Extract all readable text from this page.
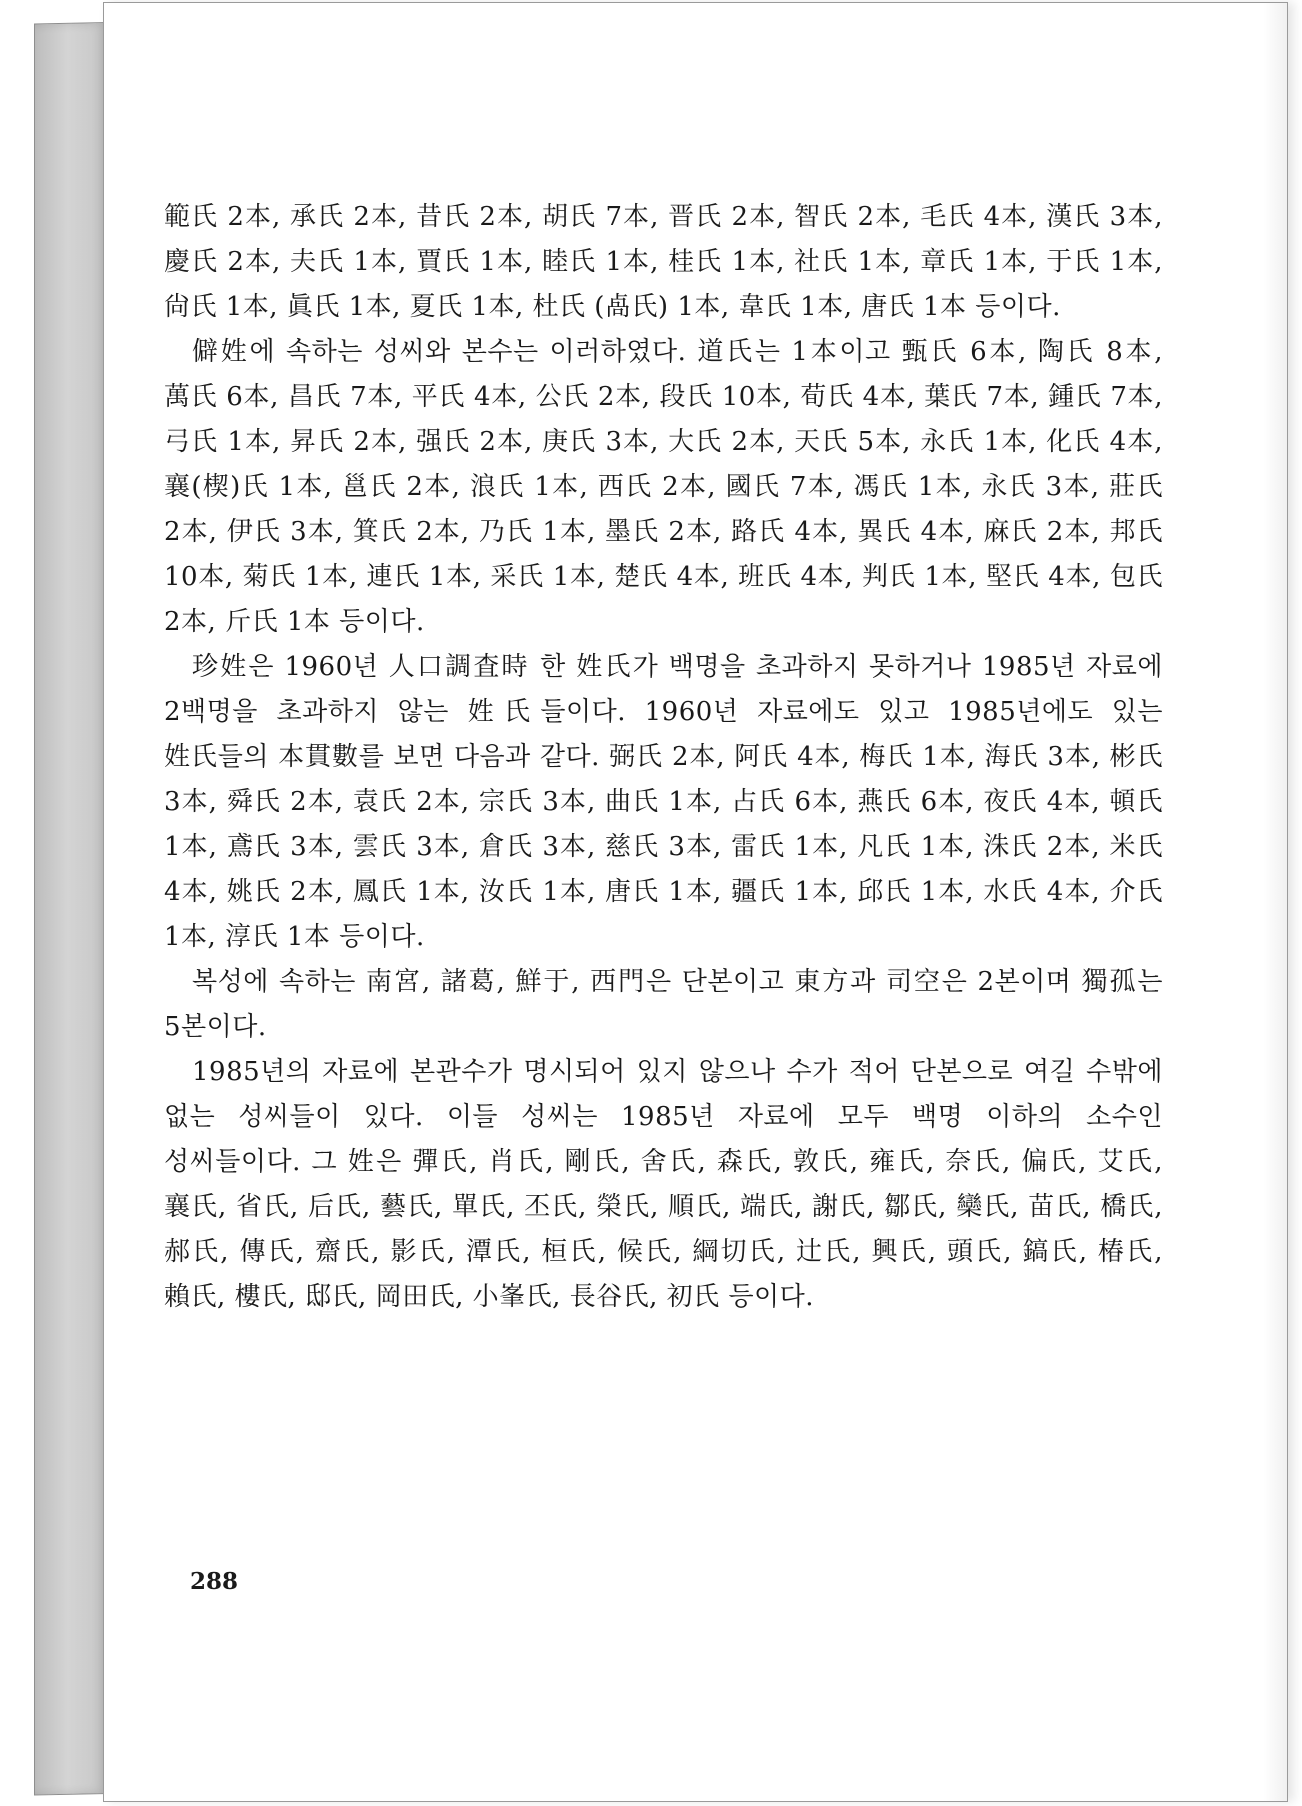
範氏 2本, 承氏 2本, 昔氏 2本, 胡氏 7本, 晋氏 2本, 智氏 2本, 毛氏 4本, 漢氏 3本, 慶氏 2本, 夫氏 1本, 賈氏 1本, 睦氏 1本, 桂氏 1本, 社氏 1本, 章氏 1本, 于氏 1本, 尙氏 1本, 眞氏 1本, 夏氏 1本, 杜氏 (卨氏) 1本, 韋氏 1本, 唐氏 1本 등이다.

僻姓에 속하는 성씨와 본수는 이러하였다. 道氏는 1本이고 甄氏 6本, 陶氏 8本, 萬氏 6本, 昌氏 7本, 平氏 4本, 公氏 2本, 段氏 10本, 荀氏 4本, 葉氏 7本, 鍾氏 7本, 弓氏 1本, 昇氏 2本, 强氏 2本, 庚氏 3本, 大氏 2本, 天氏 5本, 永氏 1本, 化氏 4本, 襄(楔)氏 1本, 邕氏 2本, 浪氏 1本, 西氏 2本, 國氏 7本, 馮氏 1本, 永氏 3本, 莊氏 2本, 伊氏 3本, 箕氏 2本, 乃氏 1本, 墨氏 2本, 路氏 4本, 異氏 4本, 麻氏 2本, 邦氏 10本, 菊氏 1本, 連氏 1本, 采氏 1本, 楚氏 4本, 班氏 4本, 判氏 1本, 堅氏 4本, 包氏 2本, 斤氏 1本 등이다.

珍姓은 1960년 人口調査時 한 姓氏가 백명을 초과하지 못하거나 1985년 자료에 2백명을 초과하지 않는 姓氏들이다. 1960년 자료에도 있고 1985년에도 있는 姓氏들의 本貫數를 보면 다음과 같다. 弼氏 2本, 阿氏 4本, 梅氏 1本, 海氏 3本, 彬氏 3本, 舜氏 2本, 袁氏 2本, 宗氏 3本, 曲氏 1本, 占氏 6本, 燕氏 6本, 夜氏 4本, 頓氏 1本, 鳶氏 3本, 雲氏 3本, 倉氏 3本, 慈氏 3本, 雷氏 1本, 凡氏 1本, 洙氏 2本, 米氏 4本, 姚氏 2本, 鳳氏 1本, 汝氏 1本, 唐氏 1本, 疆氏 1本, 邱氏 1本, 水氏 4本, 介氏 1本, 淳氏 1本 등이다.

복성에 속하는 南宮, 諸葛, 鮮于, 西門은 단본이고 東方과 司空은 2본이며 獨孤는 5본이다.

1985년의 자료에 본관수가 명시되어 있지 않으나 수가 적어 단본으로 여길 수밖에 없는 성씨들이 있다. 이들 성씨는 1985년 자료에 모두 백명 이하의 소수인 성씨들이다. 그 姓은 彈氏, 肖氏, 剛氏, 舍氏, 森氏, 敦氏, 雍氏, 奈氏, 偏氏, 艾氏, 襄氏, 省氏, 后氏, 藝氏, 單氏, 丕氏, 榮氏, 順氏, 端氏, 謝氏, 鄒氏, 欒氏, 苗氏, 橋氏, 郝氏, 傳氏, 齋氏, 影氏, 潭氏, 桓氏, 候氏, 綱切氏, 辻氏, 興氏, 頭氏, 鎬氏, 椿氏, 賴氏, 樓氏, 邸氏, 岡田氏, 小峯氏, 長谷氏, 初氏 등이다.

288
